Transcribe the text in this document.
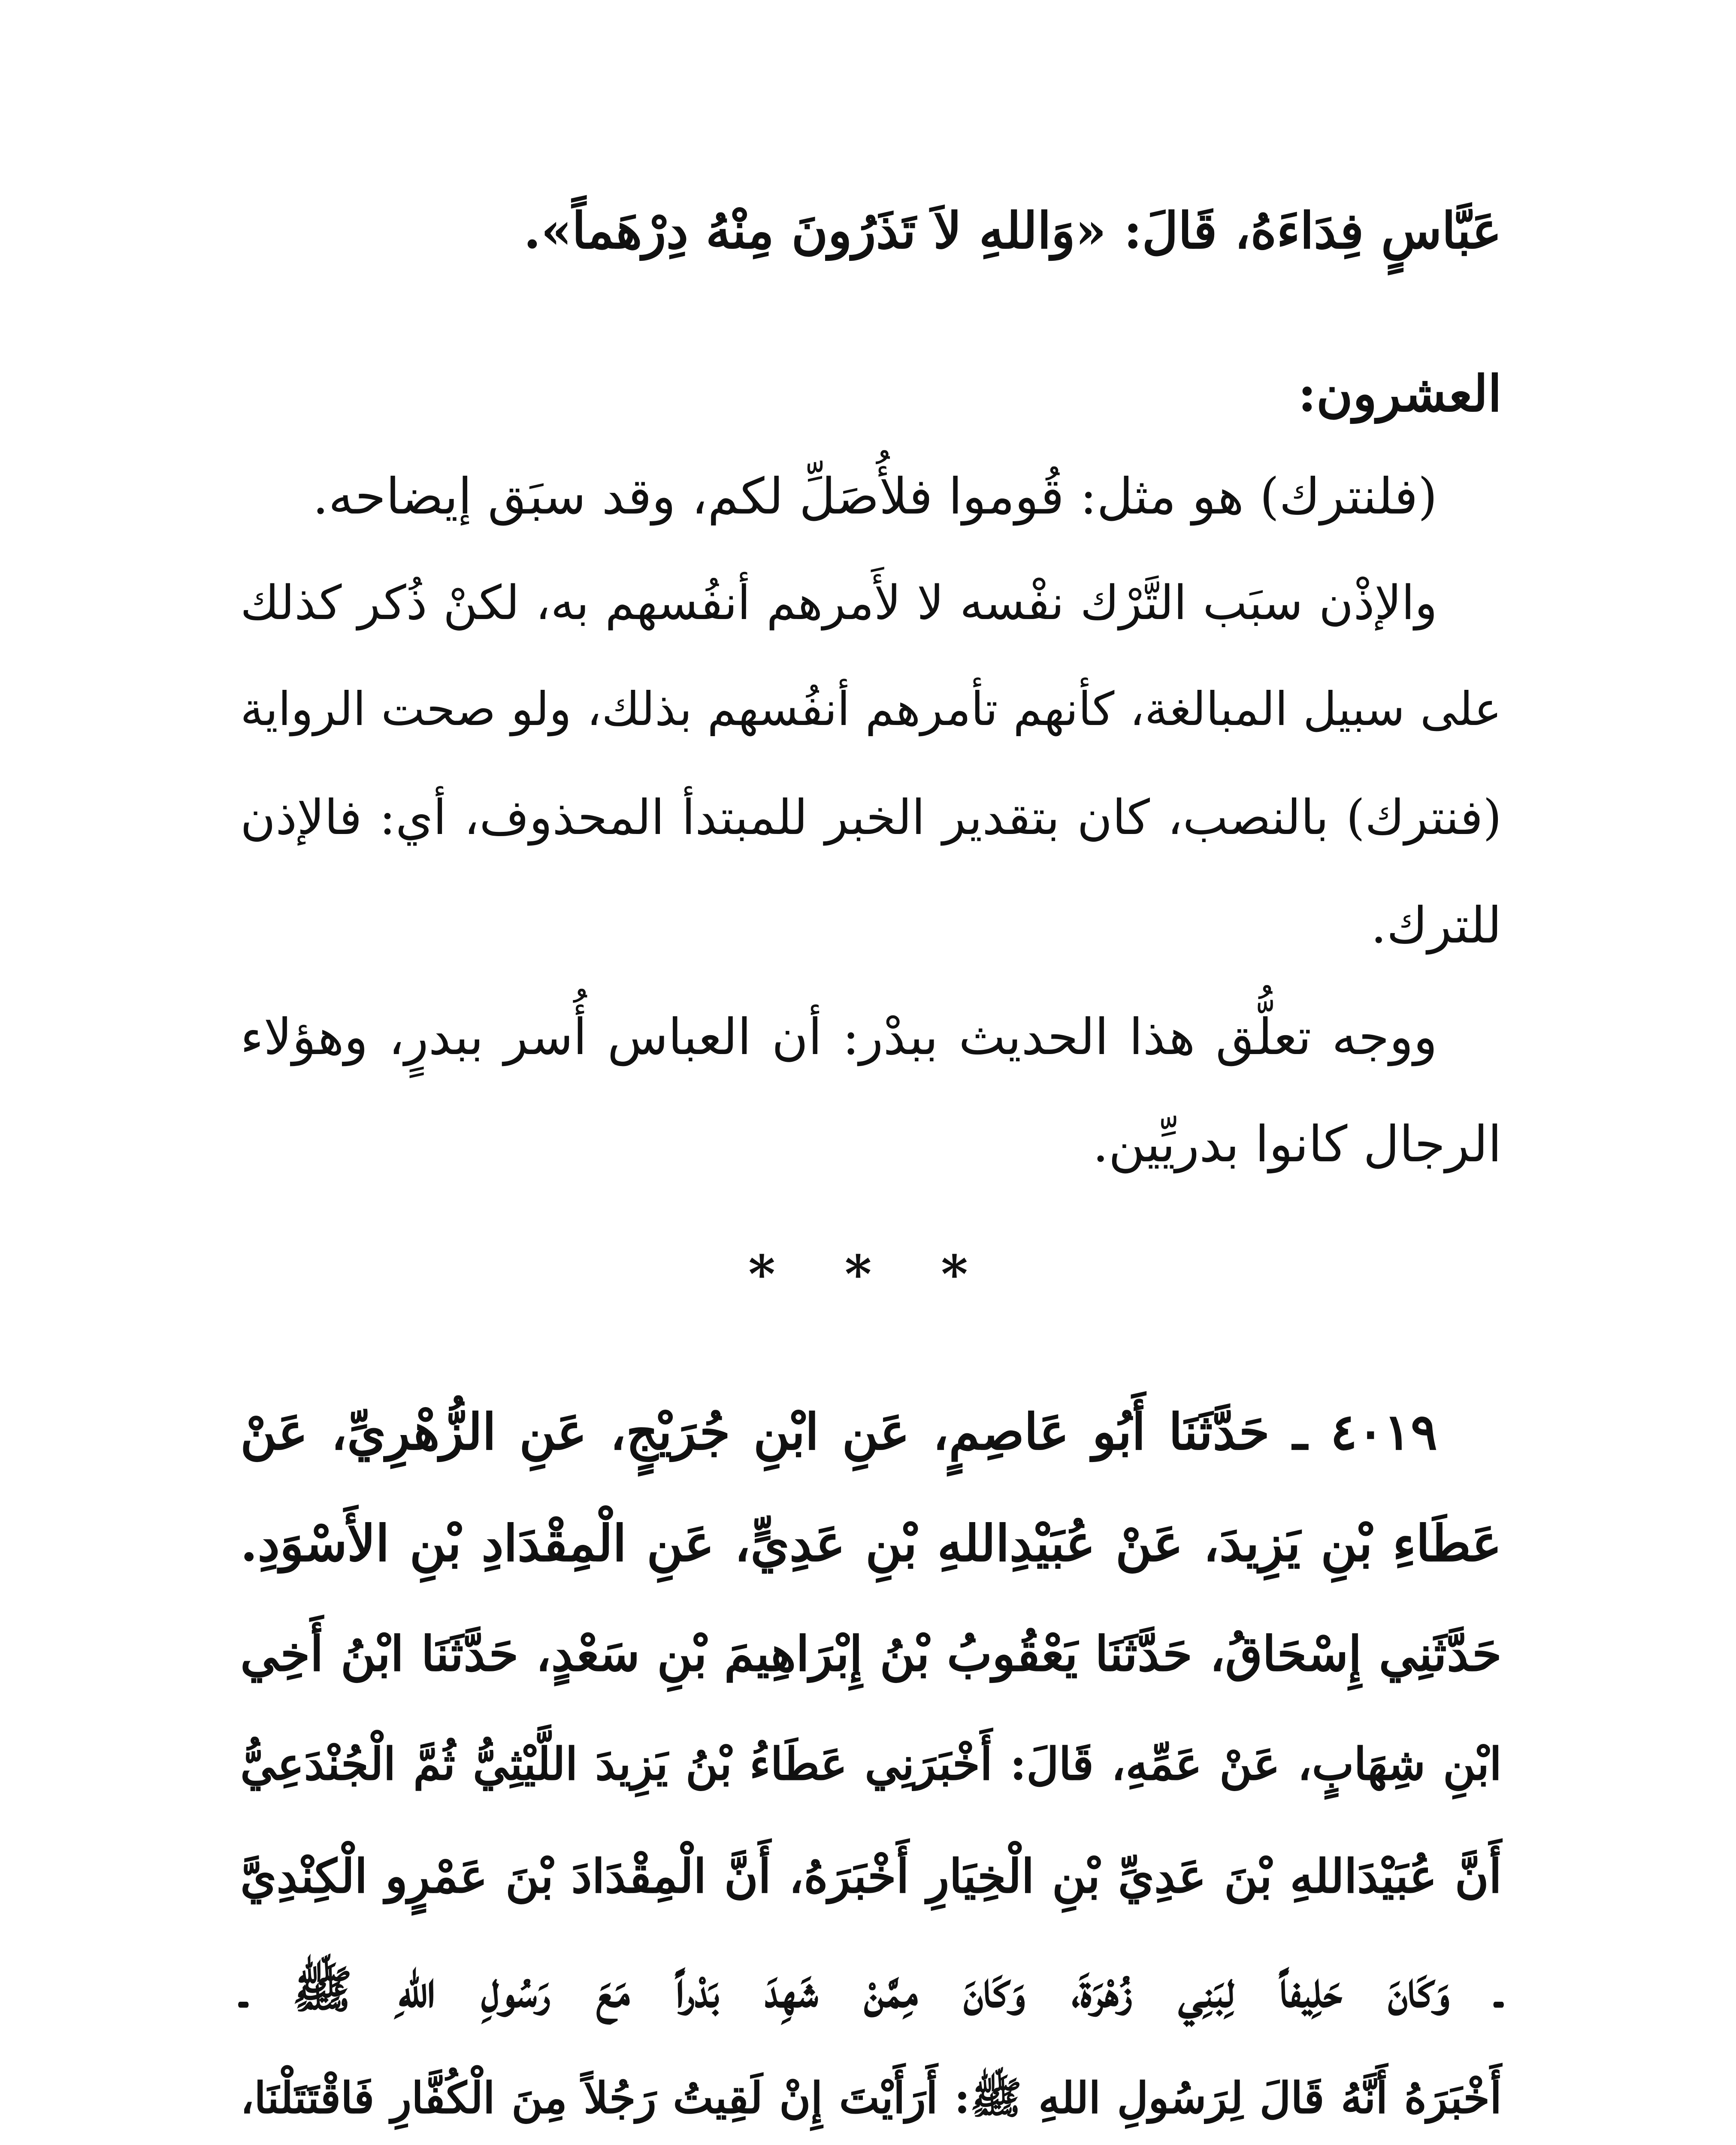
عَبَّاسٍ فِدَاءَهُ، قَالَ: «وَاللهِ لاَ تَذَرُونَ مِنْهُ دِرْهَماً».

العشرون:

(فلنترك) هو مثل: قُوموا فلأُصَلِّ لكم، وقد سبَق إيضاحه.

والإذْن سبَب التَّرْك نفْسه لا لأَمرهم أنفُسهم به، لكنْ ذُكر كذلك

على سبيل المبالغة، كأنهم تأمرهم أنفُسهم بذلك، ولو صحت الرواية

(فنترك) بالنصب، كان بتقدير الخبر للمبتدأ المحذوف، أي: فالإذن

للترك.

ووجه تعلُّق هذا الحديث ببدْر: أن العباس أُسر ببدرٍ، وهؤلاء

الرجال كانوا بدريِّين.

* * *

٤٠١٩ ـ حَدَّثَنَا أَبُو عَاصِمٍ، عَنِ ابْنِ جُرَيْجٍ، عَنِ الزُّهْرِيِّ، عَنْ

عَطَاءِ بْنِ يَزِيدَ، عَنْ عُبَيْدِاللهِ بْنِ عَدِيٍّ، عَنِ الْمِقْدَادِ بْنِ الأَسْوَدِ.

حَدَّثَنِي إِسْحَاقُ، حَدَّثَنَا يَعْقُوبُ بْنُ إِبْرَاهِيمَ بْنِ سَعْدٍ، حَدَّثَنَا ابْنُ أَخِي

ابْنِ شِهَابٍ، عَنْ عَمِّهِ، قَالَ: أَخْبَرَنِي عَطَاءُ بْنُ يَزِيدَ اللَّيْثِيُّ ثُمَّ الْجُنْدَعِيُّ

أَنَّ عُبَيْدَاللهِ بْنَ عَدِيِّ بْنِ الْخِيَارِ أَخْبَرَهُ، أَنَّ الْمِقْدَادَ بْنَ عَمْرٍو الْكِنْدِيَّ

ـ وَكَانَ حَلِيفاً لِبَنِي زُهْرَةَ، وَكَانَ مِمَّنْ شَهِدَ بَدْراً مَعَ رَسُولِ اللهِ ﷺ ـ

أَخْبَرَهُ أَنَّهُ قَالَ لِرَسُولِ اللهِ ﷺ: أَرَأَيْتَ إِنْ لَقِيتُ رَجُلاً مِنَ الْكُفَّارِ فَاقْتَتَلْنَا،
